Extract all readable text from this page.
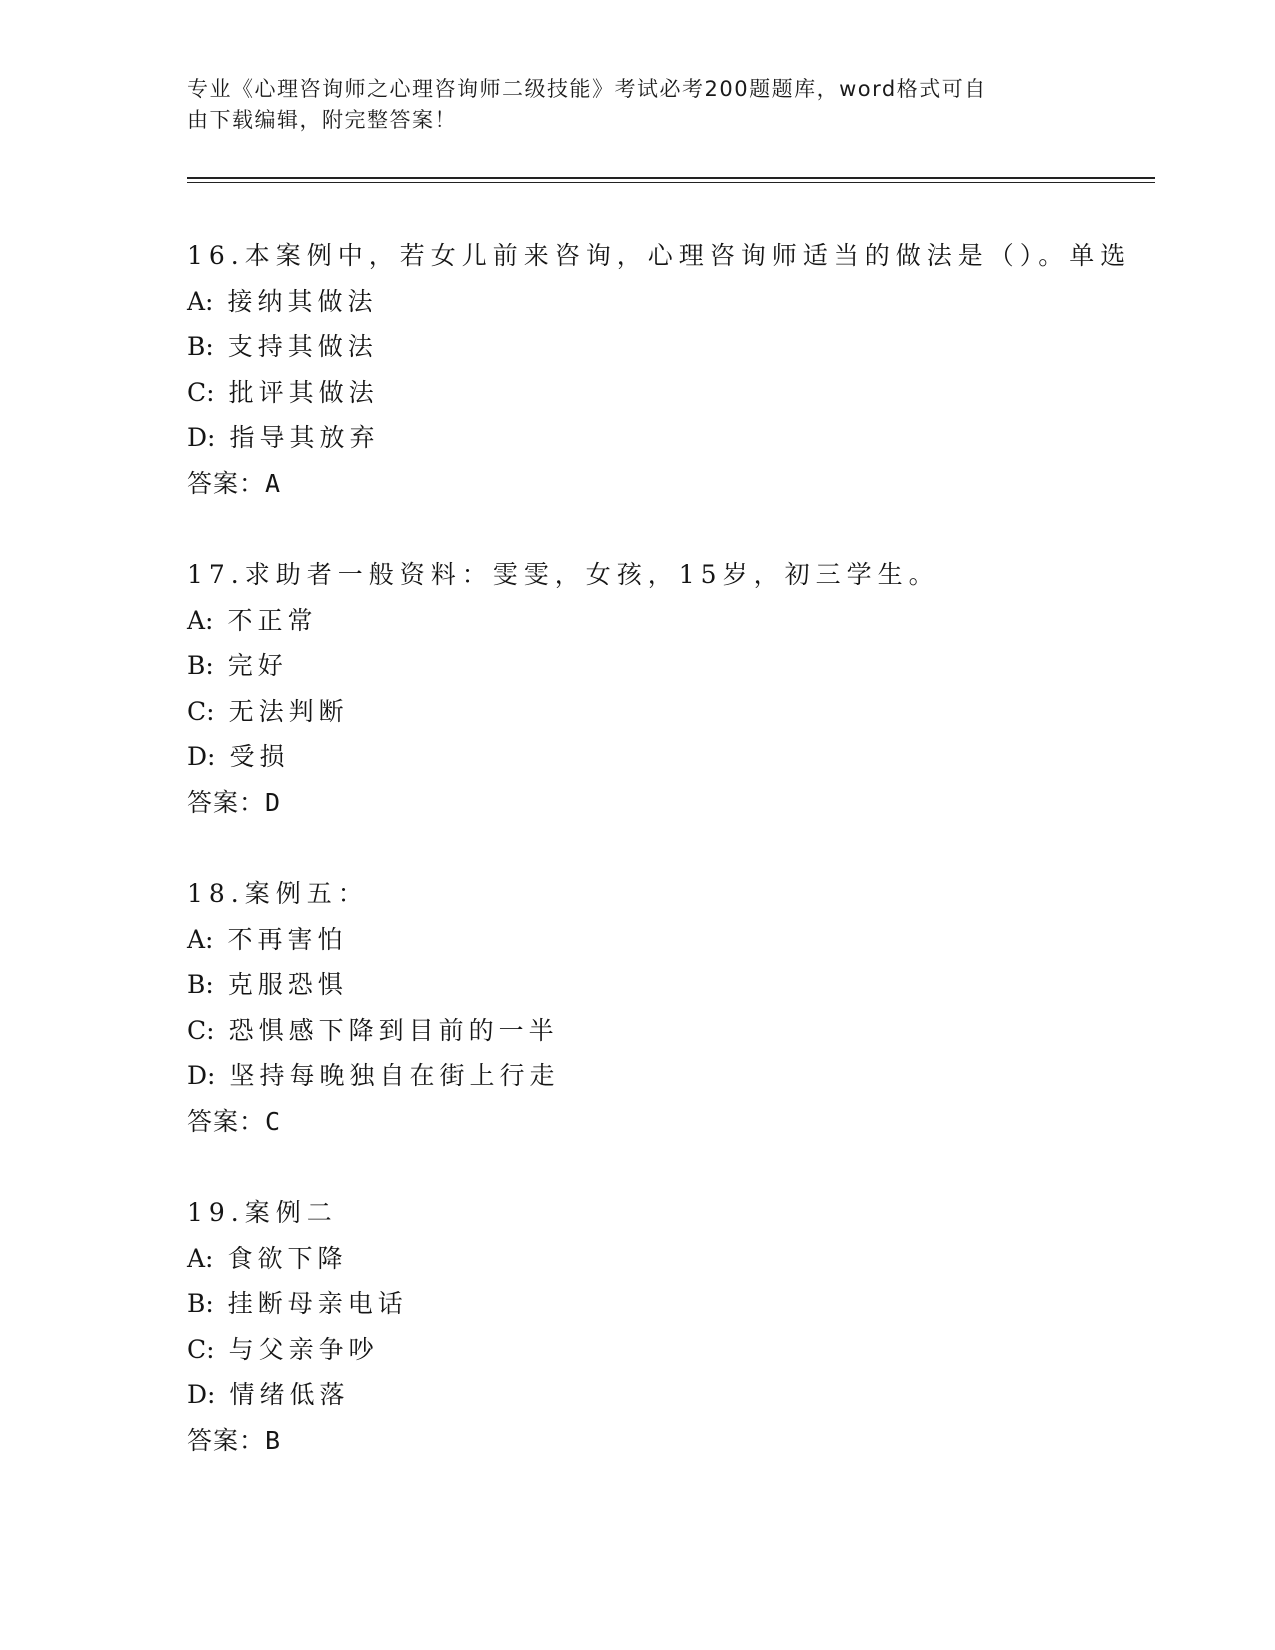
专业《心理咨询师之心理咨询师二级技能》考试必考200题题库，word格式可自
由下载编辑，附完整答案！
16.本案例中，若女儿前来咨询，心理咨询师适当的做法是（）。单选
A: 接纳其做法
B: 支持其做法
C: 批评其做法
D: 指导其放弃
答案：A
17.求助者一般资料：雯雯，女孩，15岁，初三学生。
A: 不正常
B: 完好
C: 无法判断
D: 受损
答案：D
18.案例五：
A: 不再害怕
B: 克服恐惧
C: 恐惧感下降到目前的一半
D: 坚持每晚独自在街上行走
答案：C
19.案例二
A: 食欲下降
B: 挂断母亲电话
C: 与父亲争吵
D: 情绪低落
答案：B
